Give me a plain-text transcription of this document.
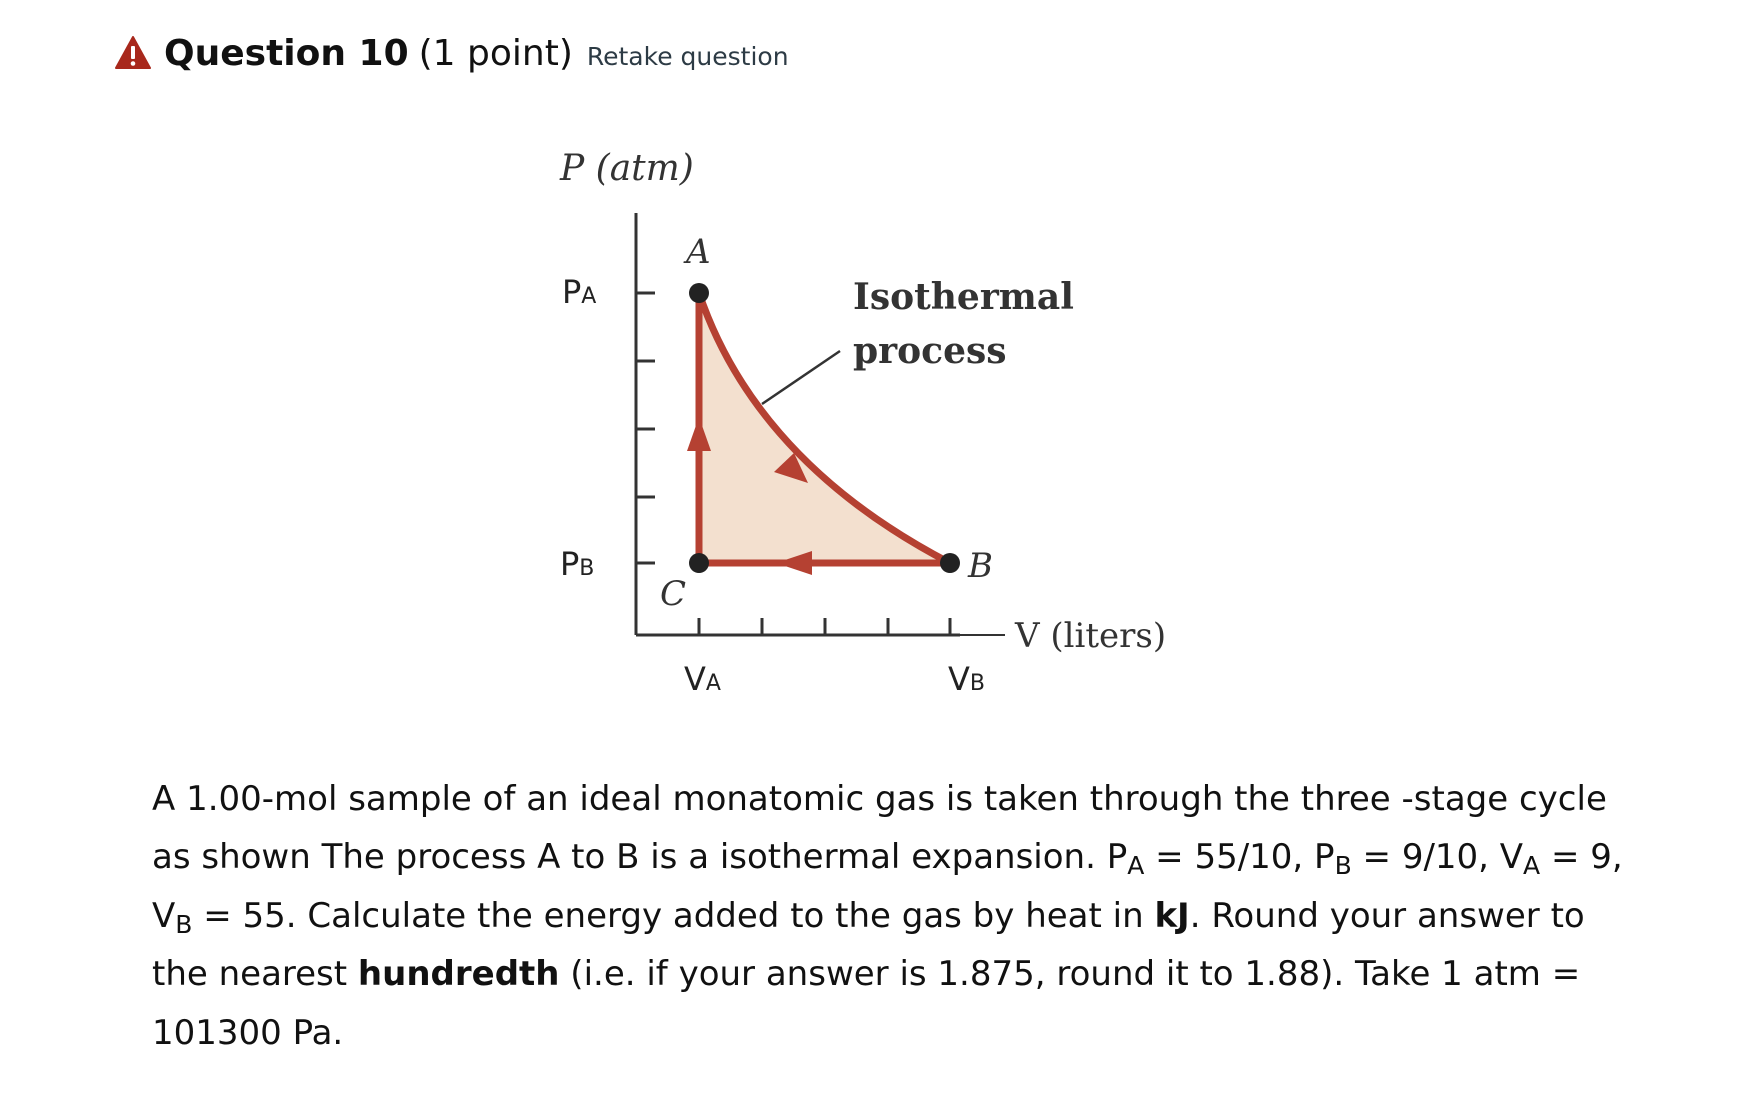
Question 10 (1 point) Retake question
P (atm)
V (liters)
A
B
C
Isothermal
process
PA
PB
VA	VB

A 1.00-mol sample of an ideal monatomic gas is taken through the three -stage cycle as shown The process A to B is a isothermal expansion. $P_A = 55/10$, $P_B = 9/10$, $V_A = 9$, $V_B = 55$. Calculate the energy added to the gas by heat in kJ. Round your answer to the nearest hundredth (i.e. if your answer is 1.875, round it to 1.88). Take 1 atm = 101300 Pa.
